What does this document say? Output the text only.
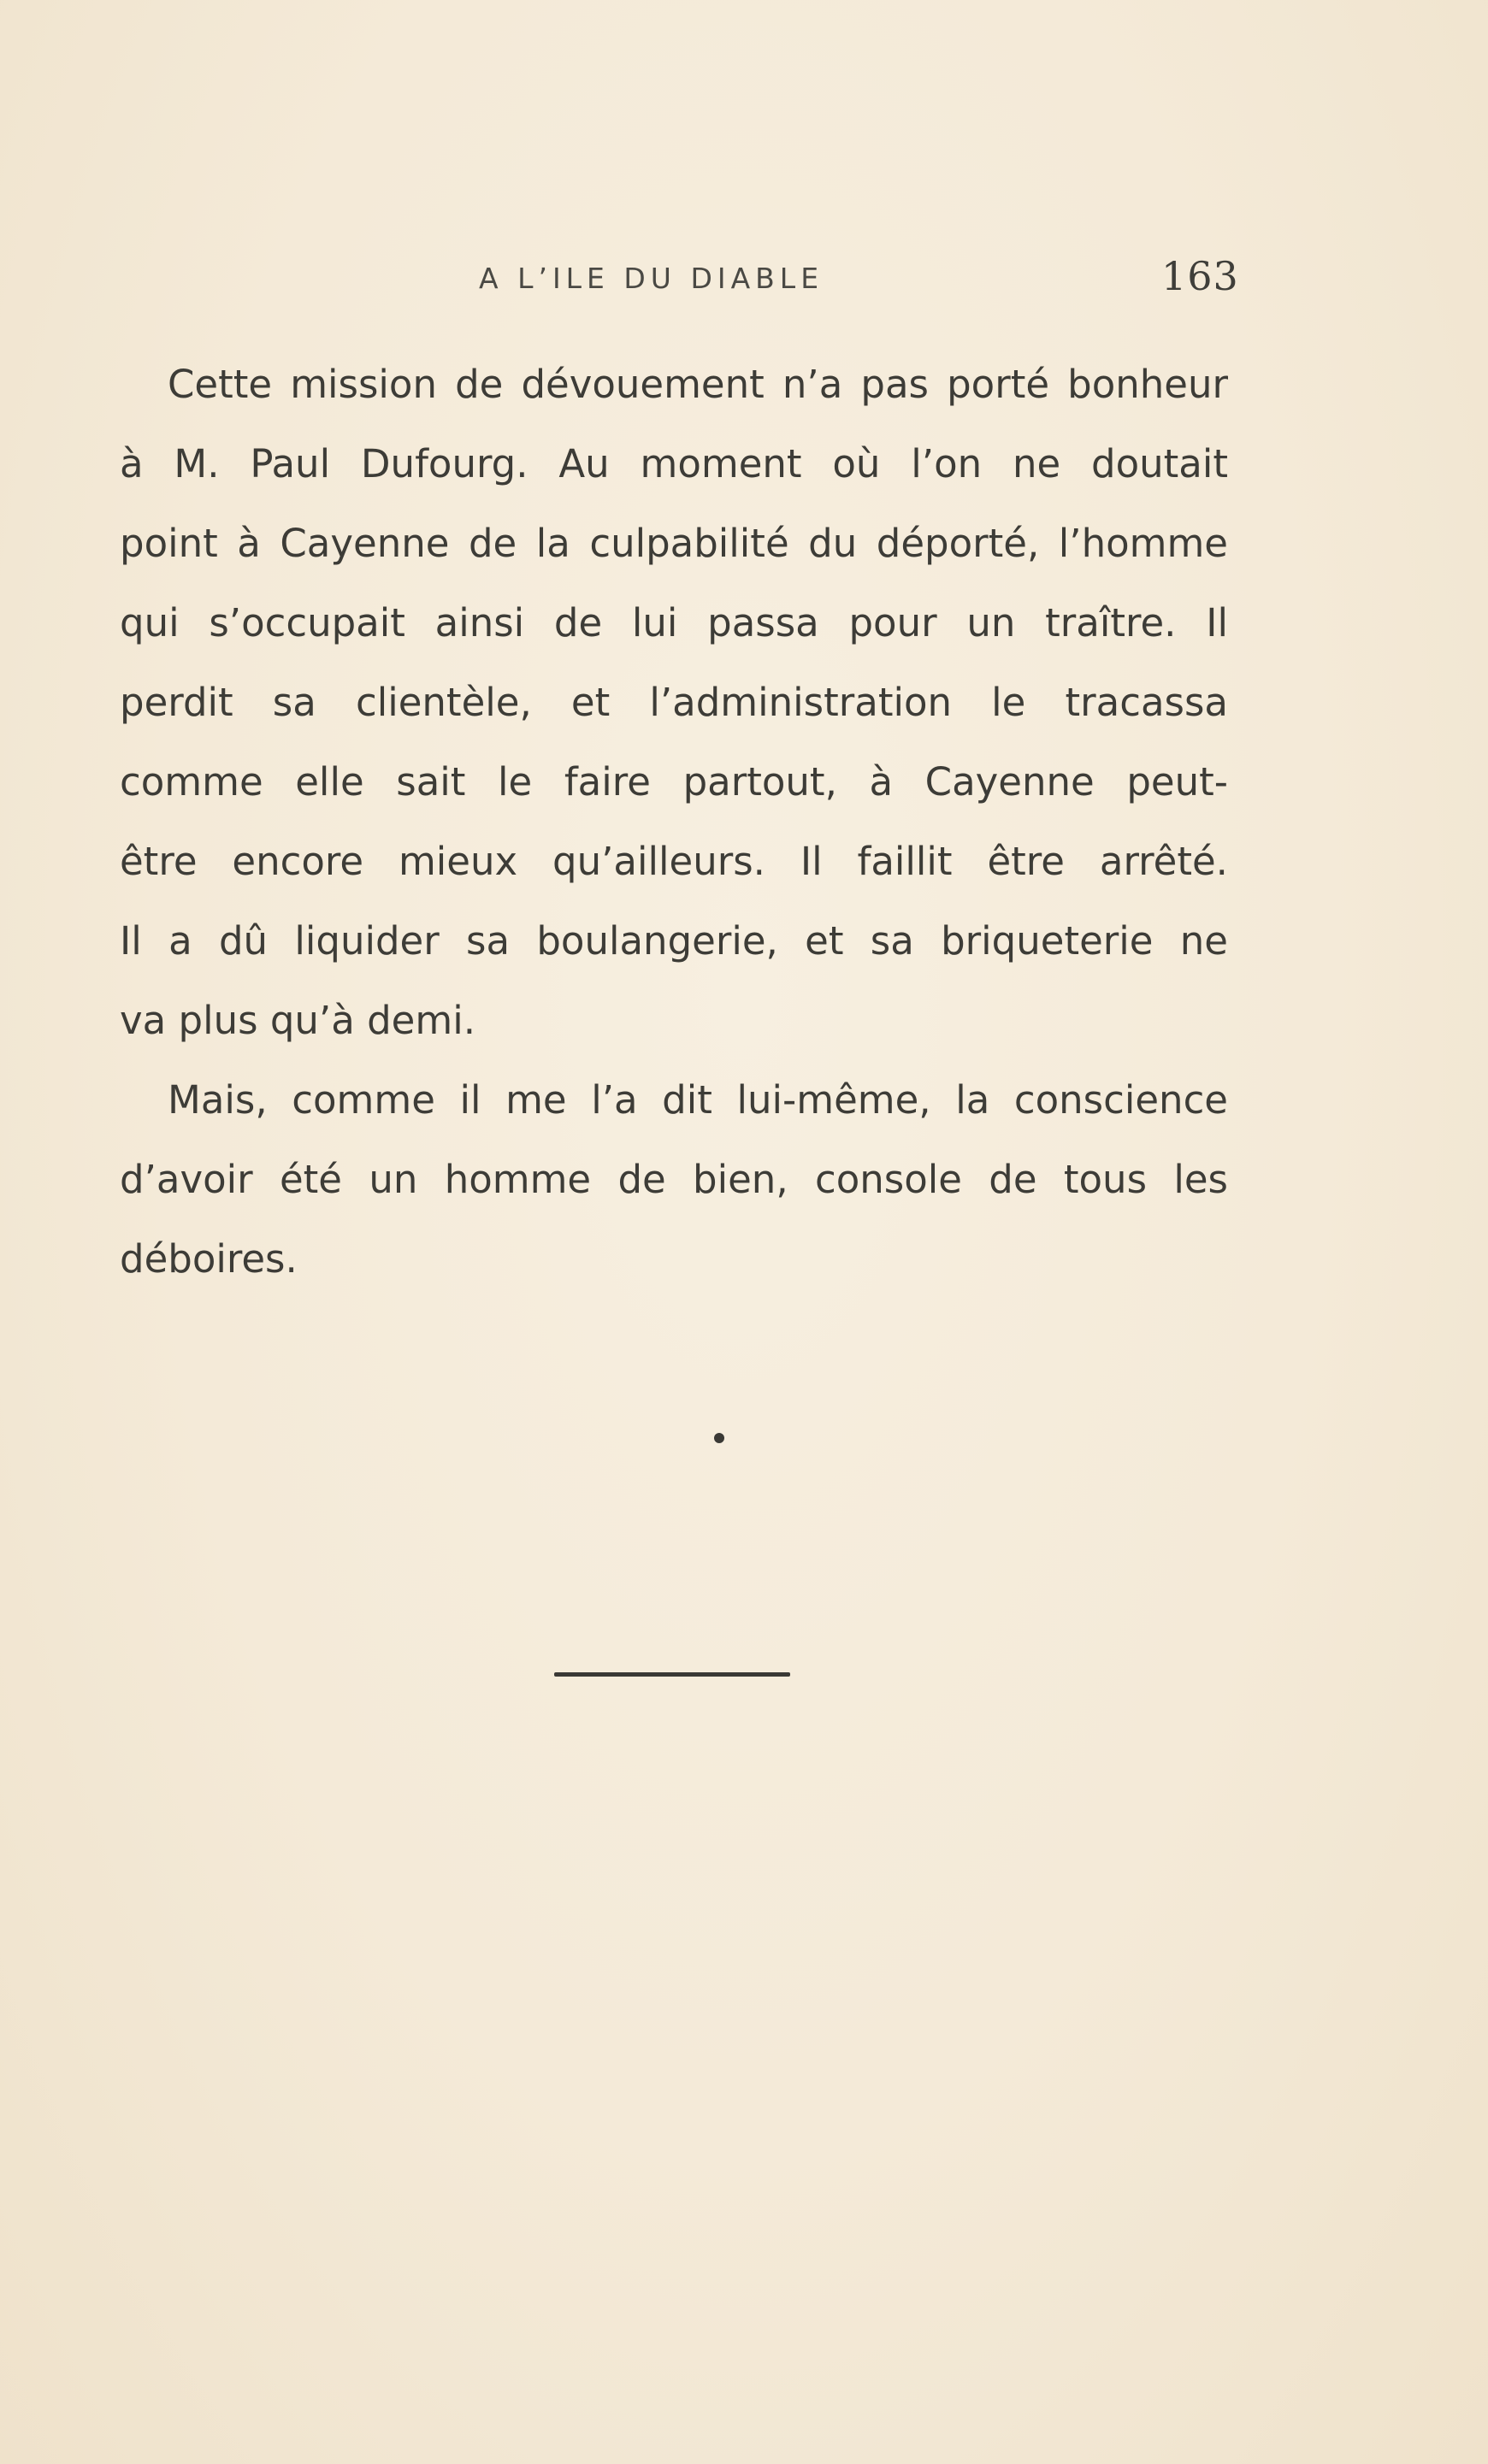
A L’ILE DU DIABLE	163
Cette mission de dévouement n’a pas porté bonheur
à M. Paul Dufourg. Au moment où l’on ne doutait
point à Cayenne de la culpabilité du déporté, l’homme
qui s’occupait ainsi de lui passa pour un traître. Il
perdit sa clientèle, et l’administration le tracassa
comme elle sait le faire partout, à Cayenne peut-
être encore mieux qu’ailleurs. Il faillit être arrêté.
Il a dû liquider sa boulangerie, et sa briqueterie ne
va plus qu’à demi.
Mais, comme il me l’a dit lui-même, la conscience
d’avoir été un homme de bien, console de tous les
déboires.
